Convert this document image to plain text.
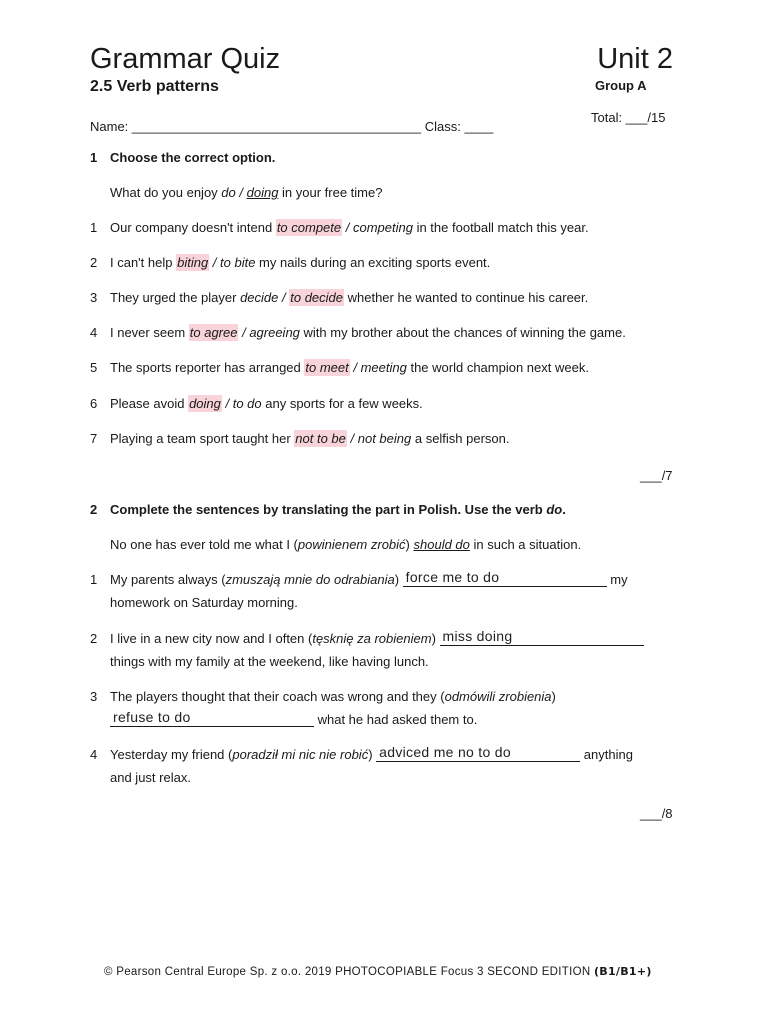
Grammar Quiz	Unit 2
2.5 Verb patterns	Group A
Total: ___/15
Name: ________________________________________ Class: ____
1 Choose the correct option.
What do you enjoy do / doing in your free time?
1 Our company doesn't intend to compete / competing in the football match this year.
2 I can't help biting / to bite my nails during an exciting sports event.
3 They urged the player decide / to decide whether he wanted to continue his career.
4 I never seem to agree / agreeing with my brother about the chances of winning the game.
5 The sports reporter has arranged to meet / meeting the world champion next week.
6 Please avoid doing / to do any sports for a few weeks.
7 Playing a team sport taught her not to be / not being a selfish person.
___/7
2 Complete the sentences by translating the part in Polish. Use the verb do.
No one has ever told me what I (powinienem zrobić) should do in such a situation.
1 My parents always (zmuszają mnie do odrabiania) force me to do	my
homework on Saturday morning.
2 I live in a new city now and I often (tęsknię za robieniem) miss doing
things with my family at the weekend, like having lunch.
3 The players thought that their coach was wrong and they (odmówili zrobienia)
refuse to do	what he had asked them to.
4 Yesterday my friend (poradził mi nic nie robić) adviced me no to do	anything
and just relax.
___/8
© Pearson Central Europe Sp. z o.o. 2019 PHOTOCOPIABLE Focus 3 SECOND EDITION (B1/B1+)
